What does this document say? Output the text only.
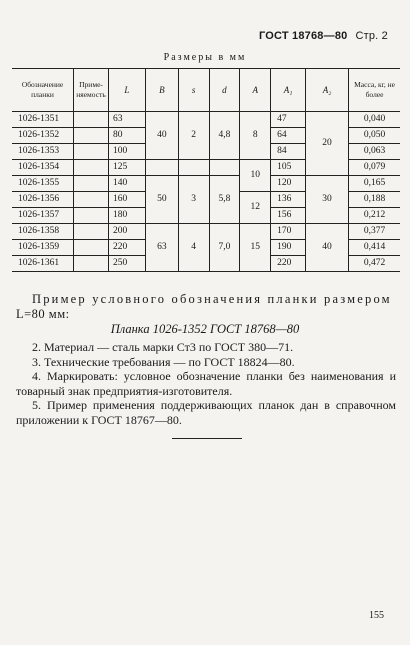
ГОСТ 18768—80 Стр. 2
Размеры в мм
Обозначение планки	Приме-няемость	L	B	s	d	A	A₁	A₂	Масса, кг, не более
1026-1351		63	40	2	4,8	8	47	20	0,040
1026-1352		80					64		0,050
1026-1353		100					84		0,063
1026-1354		125				10	105		0,079
1026-1355		140	50	3	5,8		120	30	0,165
1026-1356		160				12	136		0,188
1026-1357		180					156		0,212
1026-1358		200	63	4	7,0	15	170	40	0,377
1026-1359		220					190		0,414
1026-1361		250					220		0,472
Пример условного обозначения планки размером
L=80 мм:
Планка 1026-1352 ГОСТ 18768—80

2. Материал — сталь марки Ст3 по ГОСТ 380—71.

3. Технические требования — по ГОСТ 18824—80.

4. Маркировать: условное обозначение планки без наименования и товарный знак предприятия-изготовителя.

5. Пример применения поддерживающих планок дан в справочном приложении к ГОСТ 18767—80.

155
